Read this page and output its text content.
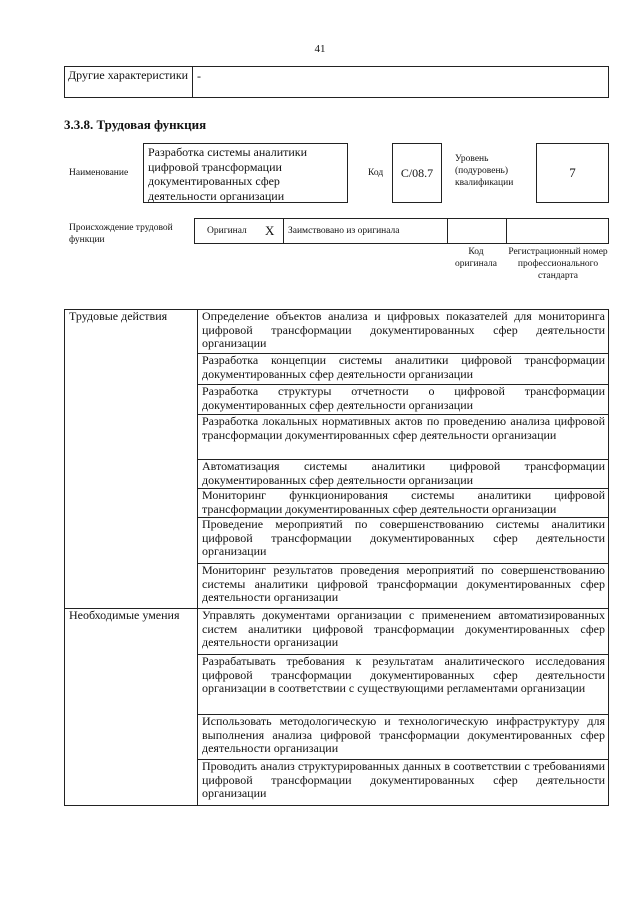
41
Другие характеристики -
3.3.8. Трудовая функция
Наименование
Разработка системы аналитики цифровой трансформации документированных сфер деятельности организации
Код	C/08.7
Уровень (подуровень) квалификации
7
Происхождение трудовой функции
Оригинал X Заимствовано из оригинала
Код оригинала
Регистрационный номер профессионального стандарта
Трудовые действия	Определение объектов анализа и цифровых показателей для мониторинга цифровой трансформации документированных сфер деятельности организации
	Разработка концепции системы аналитики цифровой трансформации документированных сфер деятельности организации
	Разработка структуры отчетности о цифровой трансформации документированных сфер деятельности организации
	Разработка локальных нормативных актов по проведению анализа цифровой трансформации документированных сфер деятельности организации
	Автоматизация системы аналитики цифровой трансформации документированных сфер деятельности организации
	Мониторинг функционирования системы аналитики цифровой трансформации документированных сфер деятельности организации
	Проведение мероприятий по совершенствованию системы аналитики цифровой трансформации документированных сфер деятельности организации
	Мониторинг результатов проведения мероприятий по совершенствованию системы аналитики цифровой трансформации документированных сфер деятельности организации
Необходимые умения	Управлять документами организации с применением автоматизированных систем аналитики цифровой трансформации документированных сфер деятельности организации
	Разрабатывать требования к результатам аналитического исследования цифровой трансформации документированных сфер деятельности организации в соответствии с существующими регламентами организации
	Использовать методологическую и технологическую инфраструктуру для выполнения анализа цифровой трансформации документированных сфер деятельности организации
	Проводить анализ структурированных данных в соответствии с требованиями цифровой трансформации документированных сфер деятельности организации
